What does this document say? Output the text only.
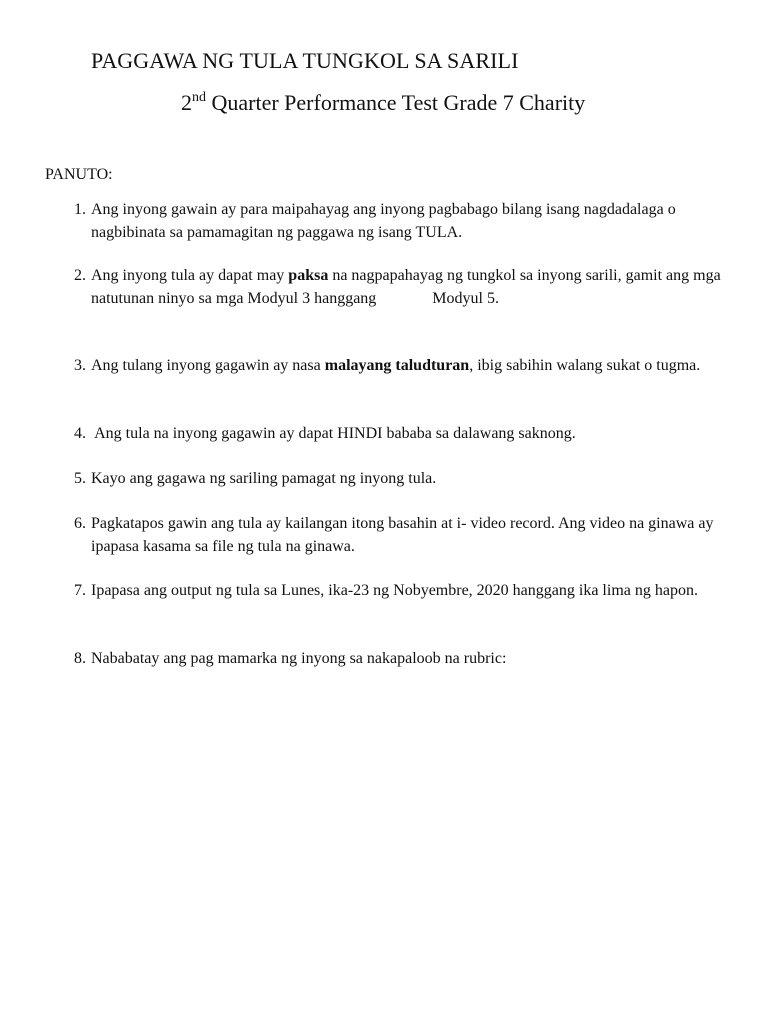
PAGGAWA NG TULA TUNGKOL SA SARILI
2nd Quarter Performance Test Grade 7 Charity
PANUTO:
1. Ang inyong gawain ay para maipahayag ang inyong pagbabago bilang isang nagdadalaga o nagbibinata sa pamamagitan ng paggawa ng isang TULA.
2. Ang inyong tula ay dapat may paksa na nagpapahayag ng tungkol sa inyong sarili, gamit ang mga natutunan ninyo sa mga Modyul 3 hanggang	Modyul 5.
3. Ang tulang inyong gagawin ay nasa malayang taludturan, ibig sabihin walang sukat o tugma.
4. Ang tula na inyong gagawin ay dapat HINDI bababa sa dalawang saknong.
5. Kayo ang gagawa ng sariling pamagat ng inyong tula.
6. Pagkatapos gawin ang tula ay kailangan itong basahin at i- video record. Ang video na ginawa ay ipapasa kasama sa file ng tula na ginawa.
7. Ipapasa ang output ng tula sa Lunes, ika-23 ng Nobyembre, 2020 hanggang ika lima ng hapon.
8. Nababatay ang pag mamarka ng inyong sa nakapaloob na rubric:
